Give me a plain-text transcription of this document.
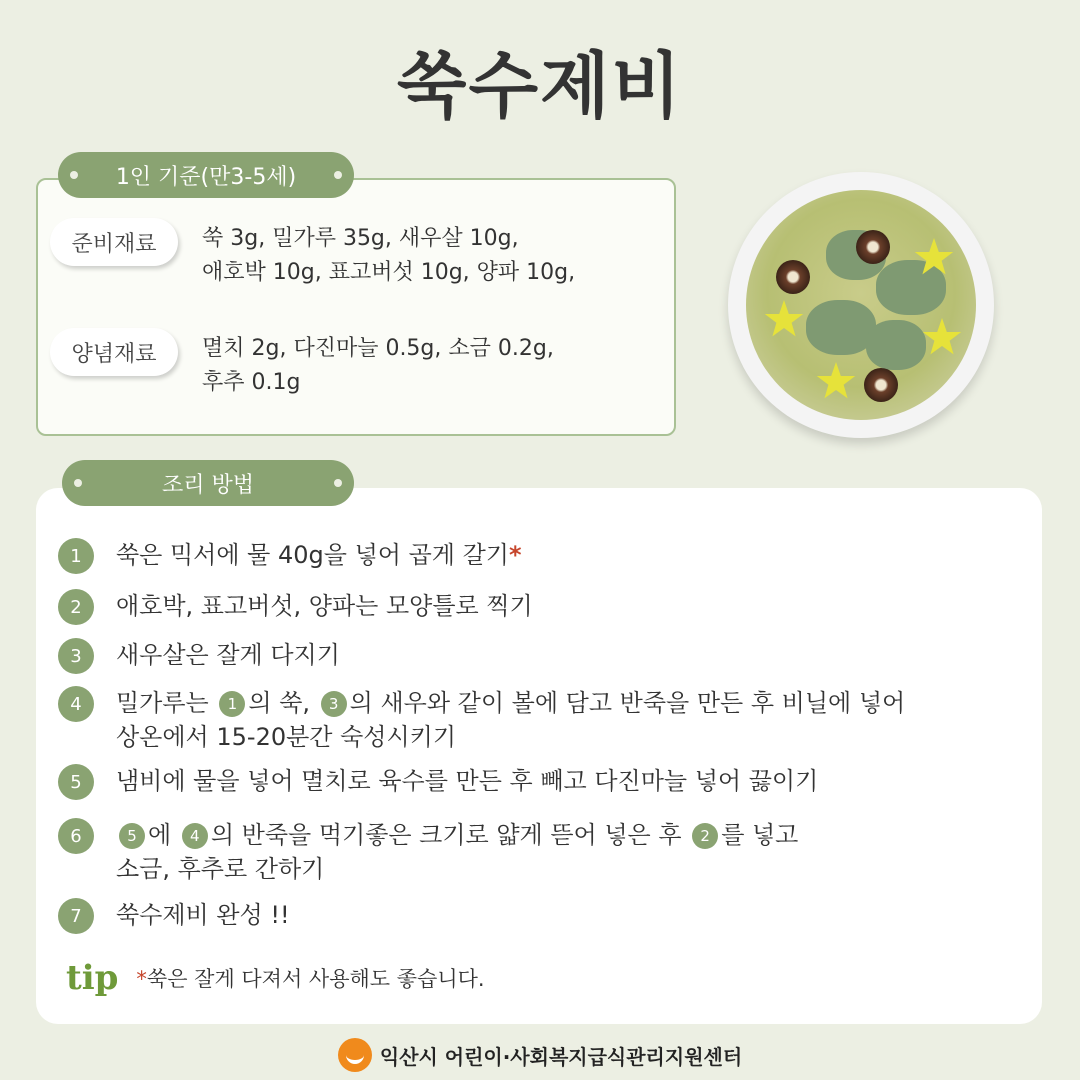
쑥수제비
1인 기준(만3-5세)
준비재료	쑥 3g, 밀가루 35g, 새우살 10g,
애호박 10g, 표고버섯 10g, 양파 10g,
양념재료	멸치 2g, 다진마늘 0.5g, 소금 0.2g,
후추 0.1g
조리 방법
1	쑥은 믹서에 물 40g을 넣어 곱게 갈기*
2	애호박, 표고버섯, 양파는 모양틀로 찍기
3	새우살은 잘게 다지기
4	밀가루는 1 의 쑥, 3 의 새우와 같이 볼에 담고 반죽을 만든 후 비닐에 넣어
상온에서 15-20분간 숙성시키기
5	냄비에 물을 넣어 멸치로 육수를 만든 후 빼고 다진마늘 넣어 끓이기
6	5 에 4 의 반죽을 먹기좋은 크기로 얇게 뜯어 넣은 후 2 를 넣고
소금, 후추로 간하기
7	쑥수제비 완성 !!
tip *쑥은 잘게 다져서 사용해도 좋습니다.
익산시 어린이·사회복지급식관리지원센터
